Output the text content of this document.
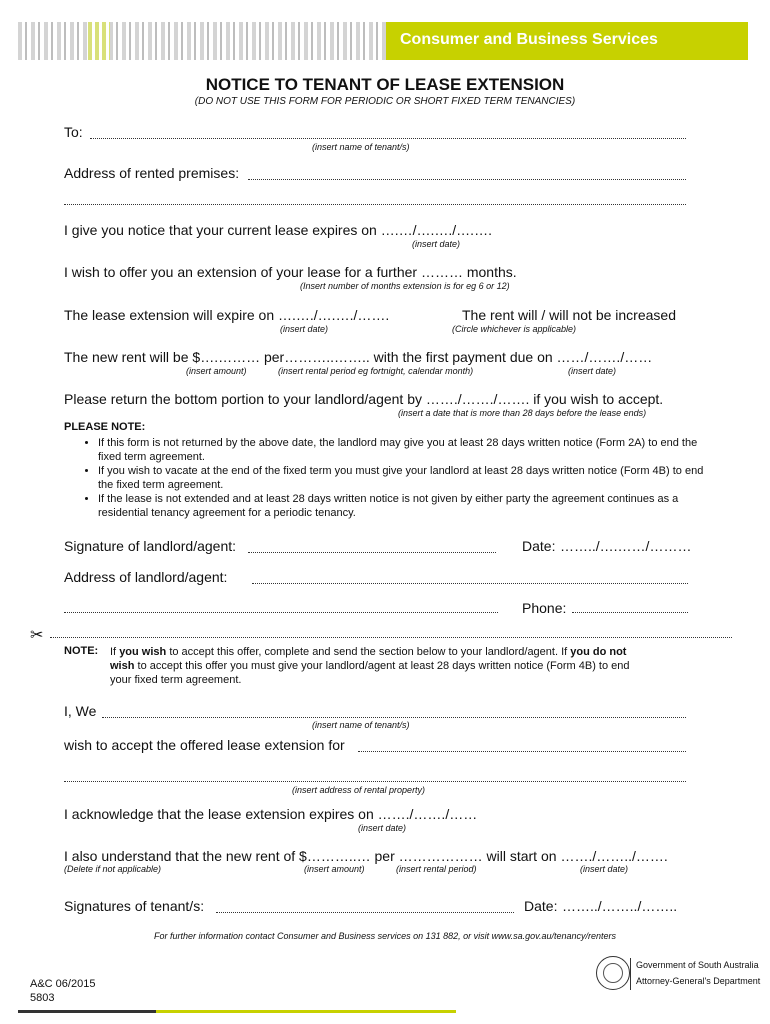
Consumer and Business Services
NOTICE TO TENANT OF LEASE EXTENSION
(DO NOT USE THIS FORM FOR PERIODIC OR SHORT FIXED TERM TENANCIES)
To:
(insert name of tenant/s)
Address of rented premises:
I give you notice that your current lease expires on ….…/….…./….….
(insert date)
I wish to offer you an extension of your lease for a further ……… months.
(Insert number of months extension is for eg 6 or 12)
The lease extension will expire on ….…./….…./…….	The rent will / will not be increased
(insert date)	(Circle whichever is applicable)
The new rent will be $….……… per………..…….. with the first payment due on ……/……./……
(insert amount)	(insert rental period eg fortnight, calendar month)	(insert date)
Please return the bottom portion to your landlord/agent by ……./……./……. if you wish to accept.
(insert a date that is more than 28 days before the lease ends)
PLEASE NOTE:
• If this form is not returned by the above date, the landlord may give you at least 28 days written notice (Form 2A) to end the fixed term agreement.
• If you wish to vacate at the end of the fixed term you must give your landlord at least 28 days written notice (Form 4B) to end the fixed term agreement.
• If the lease is not extended and at least 28 days written notice is not given by either party the agreement continues as a residential tenancy agreement for a periodic tenancy.
Signature of landlord/agent:	Date: ……../….……/………
Address of landlord/agent:
Phone:
✂
NOTE: If you wish to accept this offer, complete and send the section below to your landlord/agent. If you do not
wish to accept this offer you must give your landlord/agent at least 28 days written notice (Form 4B) to end
your fixed term agreement.
I, We
(insert name of tenant/s)
wish to accept the offered lease extension for
(insert address of rental property)
I acknowledge that the lease extension expires on ……./……./……
(insert date)
I also understand that the new rent of $………..… per ……………… will start on ……./……../…….
(Delete if not applicable)	(insert amount)	(insert rental period)	(insert date)
Signatures of tenant/s:	Date: ……../……../……..
For further information contact Consumer and Business services on 131 882, or visit www.sa.gov.au/tenancy/renters
A&C 06/2015
5803
Government of South Australia
Attorney-General's Department
